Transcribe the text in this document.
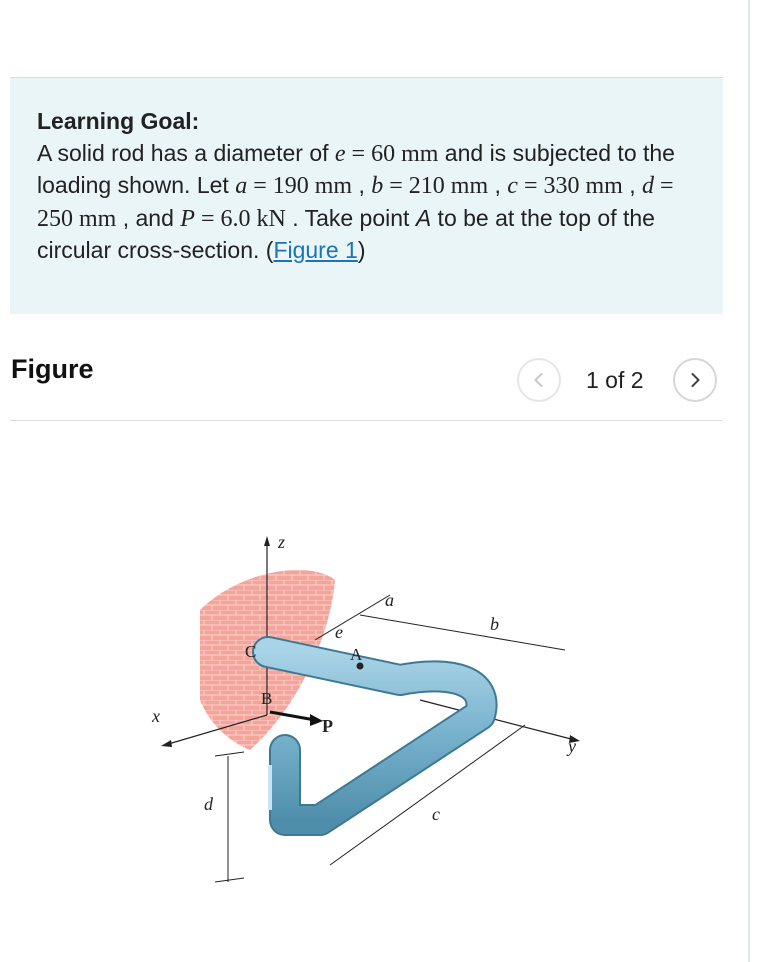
Learning Goal:
A solid rod has a diameter of e = 60 mm and is subjected to the loading shown. Let a = 190 mm , b = 210 mm , c = 330 mm , d = 250 mm , and P = 6.0 kN . Take point A to be at the top of the circular cross-section. (Figure 1)
Figure	1 of 2
z
x
y
a
b
c
d
e
A
B
C
P
